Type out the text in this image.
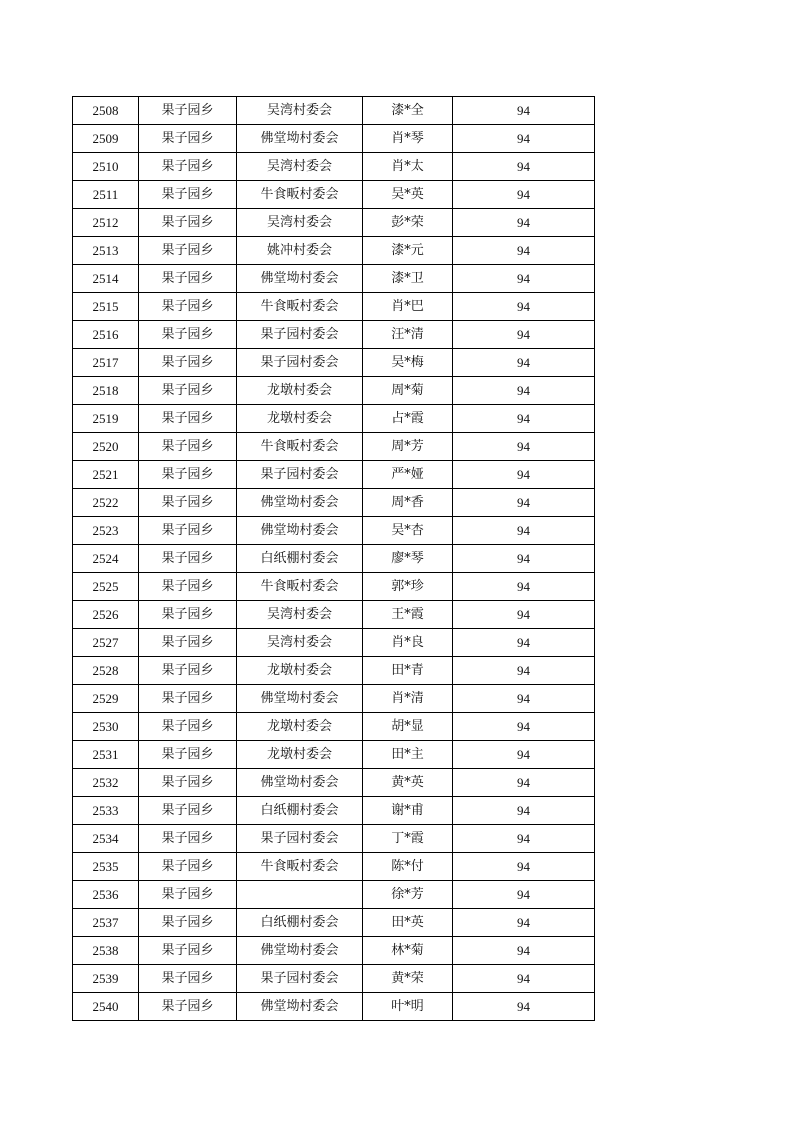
2508	果子园乡	吴湾村委会	漆*全	94
2509	果子园乡	佛堂坳村委会	肖*琴	94
2510	果子园乡	吴湾村委会	肖*太	94
2511	果子园乡	牛食畈村委会	吴*英	94
2512	果子园乡	吴湾村委会	彭*荣	94
2513	果子园乡	姚冲村委会	漆*元	94
2514	果子园乡	佛堂坳村委会	漆*卫	94
2515	果子园乡	牛食畈村委会	肖*巴	94
2516	果子园乡	果子园村委会	汪*清	94
2517	果子园乡	果子园村委会	吴*梅	94
2518	果子园乡	龙墩村委会	周*菊	94
2519	果子园乡	龙墩村委会	占*霞	94
2520	果子园乡	牛食畈村委会	周*芳	94
2521	果子园乡	果子园村委会	严*娅	94
2522	果子园乡	佛堂坳村委会	周*香	94
2523	果子园乡	佛堂坳村委会	吴*杏	94
2524	果子园乡	白纸棚村委会	廖*琴	94
2525	果子园乡	牛食畈村委会	郭*珍	94
2526	果子园乡	吴湾村委会	王*霞	94
2527	果子园乡	吴湾村委会	肖*良	94
2528	果子园乡	龙墩村委会	田*青	94
2529	果子园乡	佛堂坳村委会	肖*清	94
2530	果子园乡	龙墩村委会	胡*显	94
2531	果子园乡	龙墩村委会	田*主	94
2532	果子园乡	佛堂坳村委会	黄*英	94
2533	果子园乡	白纸棚村委会	谢*甫	94
2534	果子园乡	果子园村委会	丁*霞	94
2535	果子园乡	牛食畈村委会	陈*付	94
2536	果子园乡		徐*芳	94
2537	果子园乡	白纸棚村委会	田*英	94
2538	果子园乡	佛堂坳村委会	林*菊	94
2539	果子园乡	果子园村委会	黄*荣	94
2540	果子园乡	佛堂坳村委会	叶*明	94
